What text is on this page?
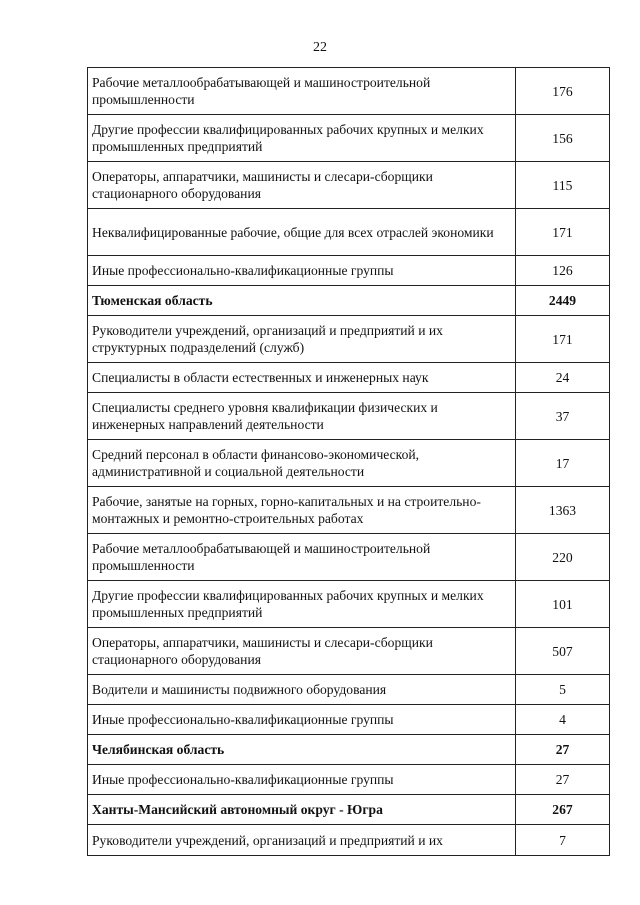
22
Рабочие металлообрабатывающей и машиностроительной промышленности	176
Другие профессии квалифицированных рабочих крупных и мелких промышленных предприятий	156
Операторы, аппаратчики, машинисты и слесари-сборщики стационарного оборудования	115
Неквалифицированные рабочие, общие для всех отраслей экономики	171
Иные профессионально-квалификационные группы	126
Тюменская область	2449
Руководители учреждений, организаций и предприятий и их структурных подразделений (служб)	171
Специалисты в области естественных и инженерных наук	24
Специалисты среднего уровня квалификации физических и инженерных направлений деятельности	37
Средний персонал в области финансово-экономической, административной и социальной деятельности	17
Рабочие, занятые на горных, горно-капитальных и на строительно-монтажных и ремонтно-строительных работах	1363
Рабочие металлообрабатывающей и машиностроительной промышленности	220
Другие профессии квалифицированных рабочих крупных и мелких промышленных предприятий	101
Операторы, аппаратчики, машинисты и слесари-сборщики стационарного оборудования	507
Водители и машинисты подвижного оборудования	5
Иные профессионально-квалификационные группы	4
Челябинская область	27
Иные профессионально-квалификационные группы	27
Ханты-Мансийский автономный округ - Югра	267
Руководители учреждений, организаций и предприятий и их	7
